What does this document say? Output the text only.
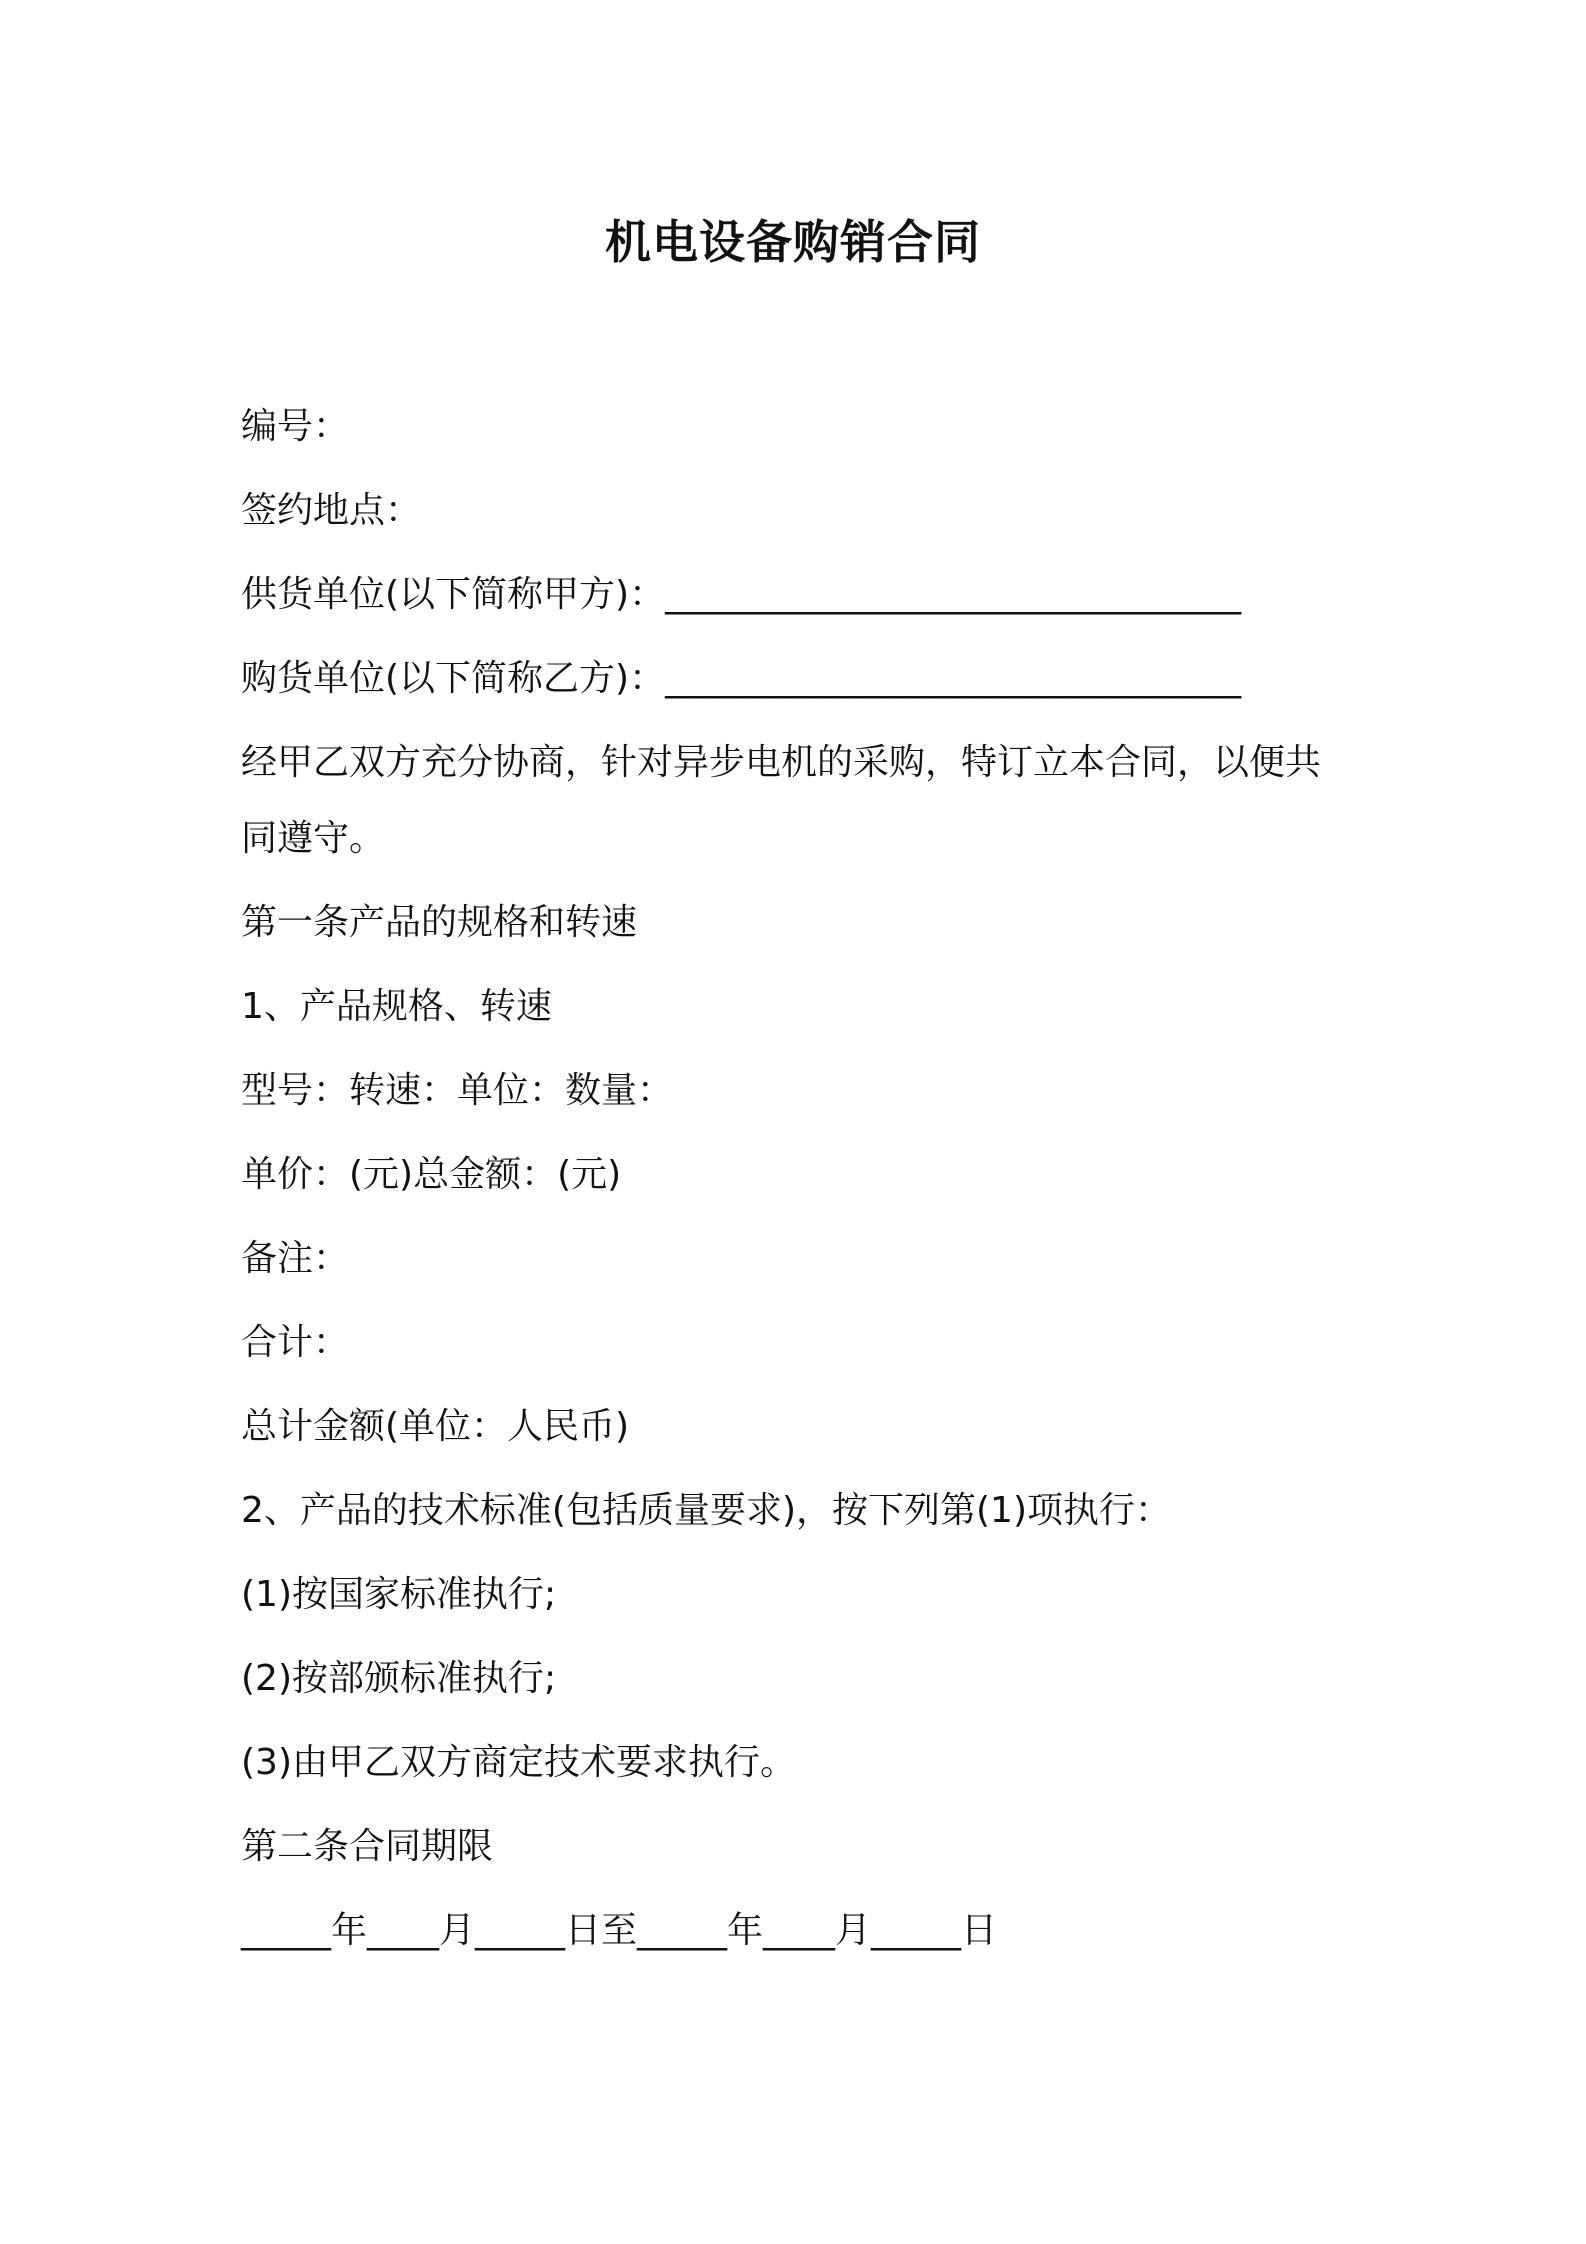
机电设备购销合同
编号：
签约地点：
供货单位(以下简称甲方)：________________________________
购货单位(以下简称乙方)：________________________________
经甲乙双方充分协商，针对异步电机的采购，特订立本合同，以便共
同遵守。
第一条产品的规格和转速
1、产品规格、转速
型号：转速：单位：数量：
单价：(元)总金额：(元)
备注：
合计：
总计金额(单位：人民币)
2、产品的技术标准(包括质量要求)，按下列第(1)项执行：
(1)按国家标准执行;
(2)按部颁标准执行;
(3)由甲乙双方商定技术要求执行。
第二条合同期限
_____年____月_____日至_____年____月_____日
